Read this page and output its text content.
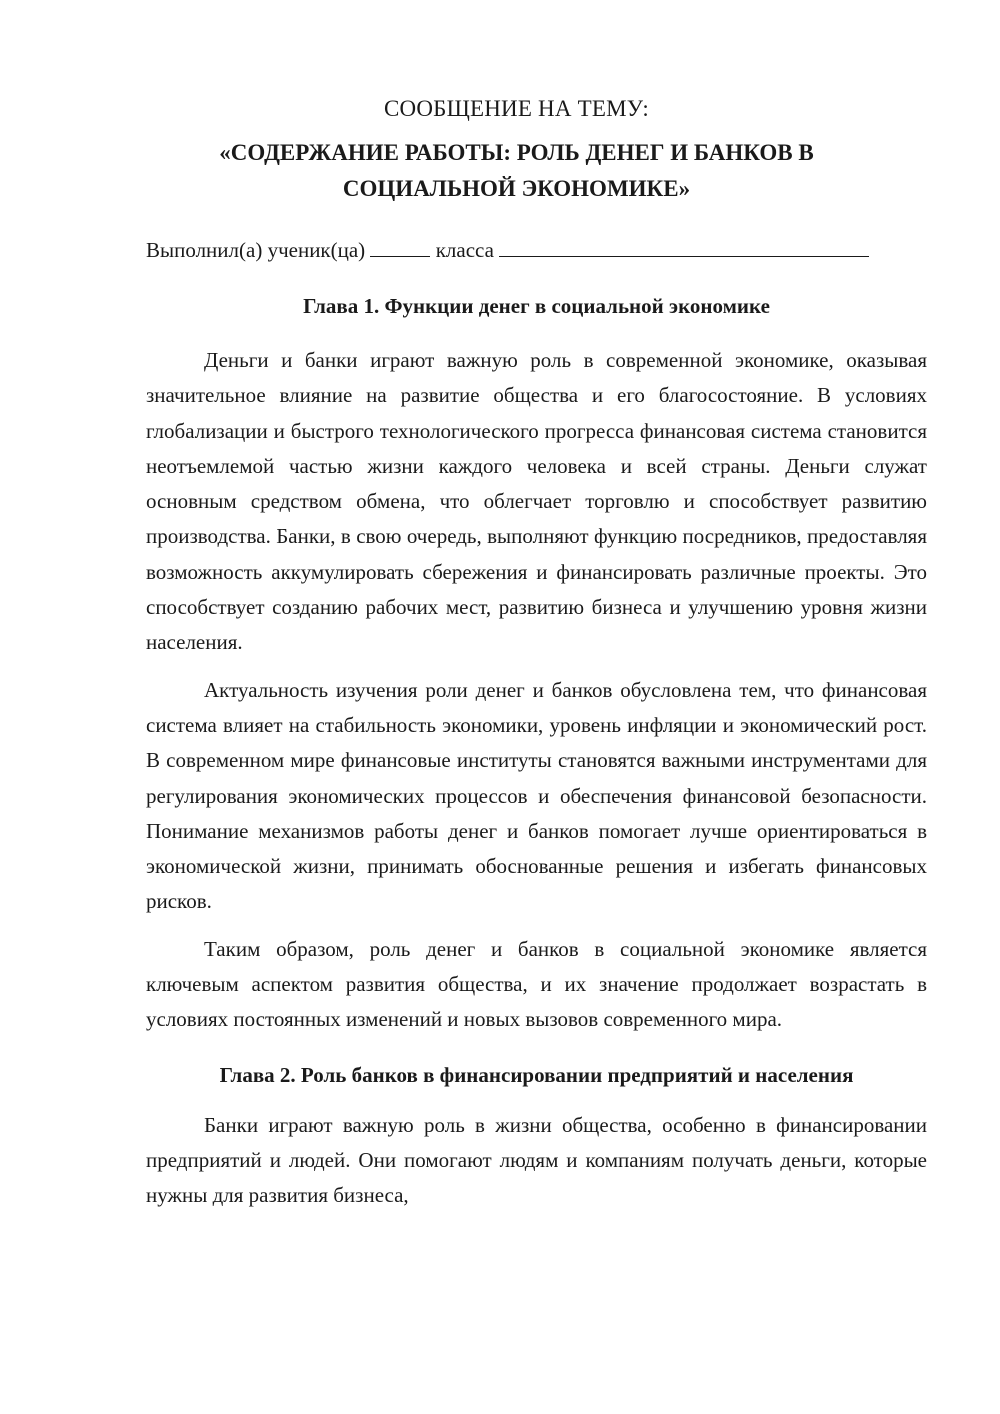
СООБЩЕНИЕ НА ТЕМУ:

«СОДЕРЖАНИЕ РАБОТЫ: РОЛЬ ДЕНЕГ И БАНКОВ В
СОЦИАЛЬНОЙ ЭКОНОМИКЕ»

Выполнил(а) ученик(ца)	класса

Глава 1. Функции денег в социальной экономике

Деньги и банки играют важную роль в современной экономике, оказывая значительное влияние на развитие общества и его благосостояние. В условиях глобализации и быстрого технологического прогресса финансовая система становится неотъемлемой частью жизни каждого человека и всей страны. Деньги служат основным средством обмена, что облегчает торговлю и способствует развитию производства. Банки, в свою очередь, выполняют функцию посредников, предоставляя возможность аккумулировать сбережения и финансировать различные проекты. Это способствует созданию рабочих мест, развитию бизнеса и улучшению уровня жизни населения.

Актуальность изучения роли денег и банков обусловлена тем, что финансовая система влияет на стабильность экономики, уровень инфляции и экономический рост. В современном мире финансовые институты становятся важными инструментами для регулирования экономических процессов и обеспечения финансовой безопасности. Понимание механизмов работы денег и банков помогает лучше ориентироваться в экономической жизни, принимать обоснованные решения и избегать финансовых рисков.

Таким образом, роль денег и банков в социальной экономике является ключевым аспектом развития общества, и их значение продолжает возрастать в условиях постоянных изменений и новых вызовов современного мира.

Глава 2. Роль банков в финансировании предприятий и населения

Банки играют важную роль в жизни общества, особенно в финансировании предприятий и людей. Они помогают людям и компаниям получать деньги, которые нужны для развития бизнеса,
